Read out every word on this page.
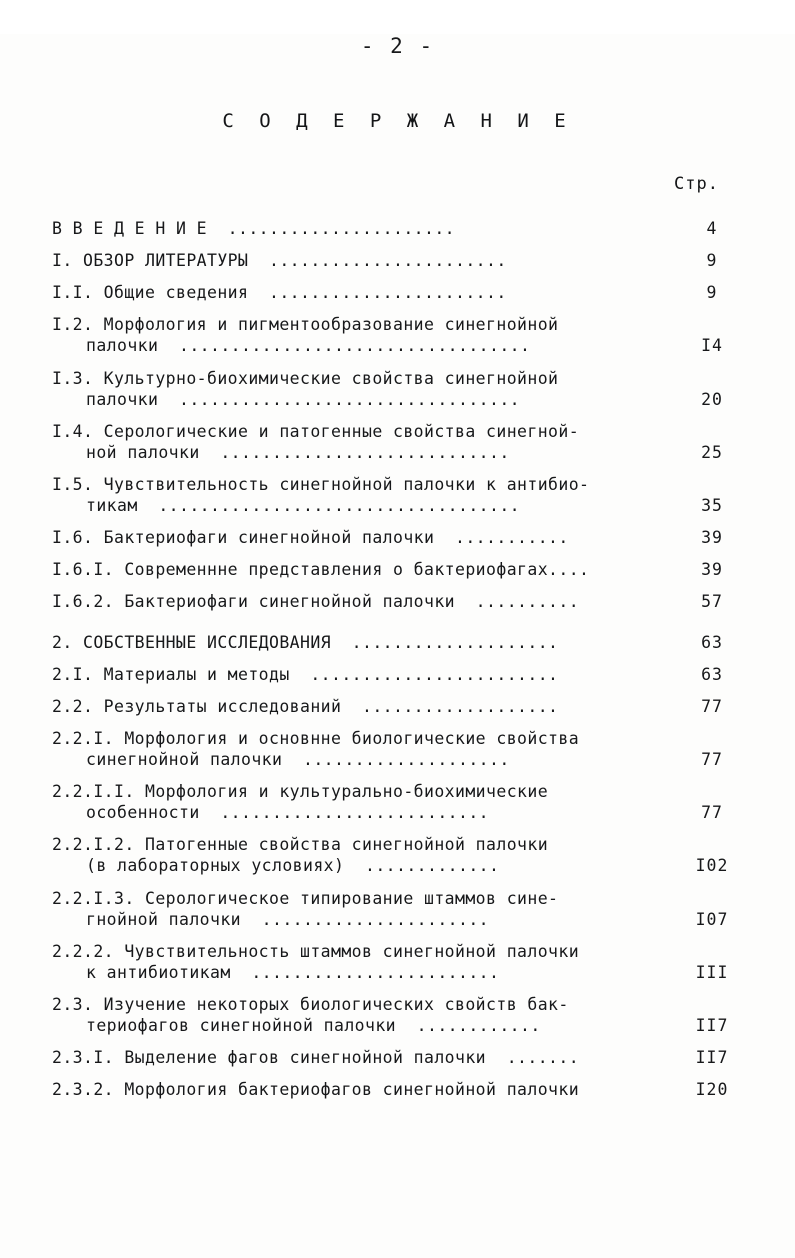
- 2 -
С О Д Е Р Ж А Н И Е
Стр.
В В Е Д Е Н И Е  ......................	4
I. ОБЗОР ЛИТЕРАТУРЫ  .......................	9
I.I. Общие сведения  .......................	9
I.2. Морфология и пигментообразование синегнойной
палочки  ..................................	I4
I.3. Культурно-биохимические свойства синегнойной
палочки  .................................	20
I.4. Серологические и патогенные свойства синегной-
ной палочки  ............................	25
I.5. Чувствительность синегнойной палочки к антибио-
тикам  ...................................	35
I.6. Бактериофаги синегнойной палочки  ...........	39
I.6.I. Современнне представления о бактериофагах....	39
I.6.2. Бактериофаги синегнойной палочки  ..........	57
2. СОБСТВЕННЫЕ ИССЛЕДОВАНИЯ  ....................	63
2.I. Материалы и методы  ........................	63
2.2. Результаты исследований  ...................	77
2.2.I. Морфология и основнне биологические свойства
синегнойной палочки  ....................	77
2.2.I.I. Морфология и культурально-биохимические
особенности  ..........................	77
2.2.I.2. Патогенные свойства синегнойной палочки
(в лабораторных условиях)  .............	I02
2.2.I.3. Серологическое типирование штаммов сине-
гнойной палочки  ......................	I07
2.2.2. Чувствительность штаммов синегнойной палочки
к антибиотикам  ........................	III
2.3. Изучение некоторых биологических свойств бак-
териофагов синегнойной палочки  ............	II7
2.3.I. Выделение фагов синегнойной палочки  .......	II7
2.3.2. Морфология бактериофагов синегнойной палочки	I20
